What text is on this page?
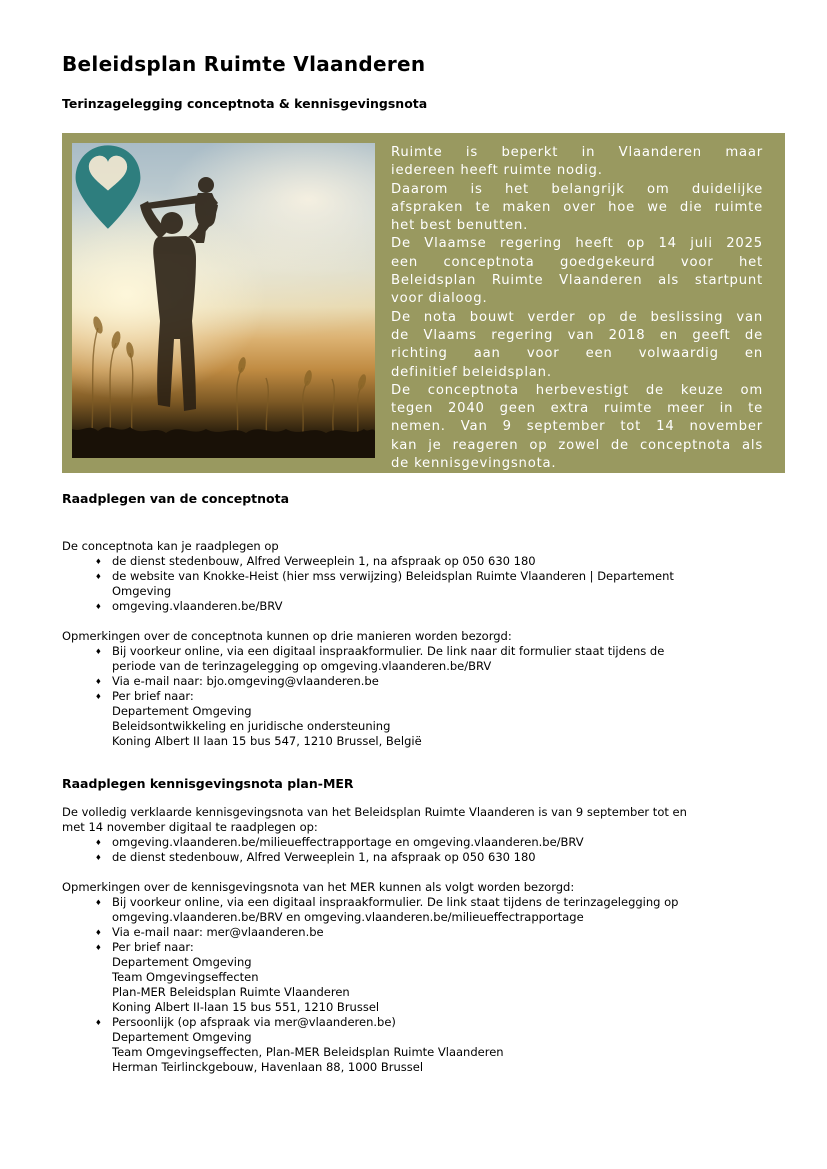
Beleidsplan Ruimte Vlaanderen
Terinzagelegging conceptnota & kennisgevingsnota
Ruimte is beperkt in Vlaanderen maar
iedereen heeft ruimte nodig.
Daarom is het belangrijk om duidelijke
afspraken te maken over hoe we die ruimte
het best benutten.
De Vlaamse regering heeft op 14 juli 2025
een conceptnota goedgekeurd voor het
Beleidsplan Ruimte Vlaanderen als startpunt
voor dialoog.
De nota bouwt verder op de beslissing van
de Vlaams regering van 2018 en geeft de
richting aan voor een volwaardig en
definitief beleidsplan.
De conceptnota herbevestigt de keuze om
tegen 2040 geen extra ruimte meer in te
nemen. Van 9 september tot 14 november
kan je reageren op zowel de conceptnota als
de kennisgevingsnota.
Raadplegen van de conceptnota

De conceptnota kan je raadplegen op

♦ de dienst stedenbouw, Alfred Verweeplein 1, na afspraak op 050 630 180
♦ de website van Knokke-Heist (hier mss verwijzing) Beleidsplan Ruimte Vlaanderen | Departement
Omgeving
♦ omgeving.vlaanderen.be/BRV

Opmerkingen over de conceptnota kunnen op drie manieren worden bezorgd:

♦ Bij voorkeur online, via een digitaal inspraakformulier. De link naar dit formulier staat tijdens de
periode van de terinzagelegging op omgeving.vlaanderen.be/BRV
♦ Via e-mail naar: bjo.omgeving@vlaanderen.be
♦ Per brief naar:
Departement Omgeving
Beleidsontwikkeling en juridische ondersteuning
Koning Albert II laan 15 bus 547, 1210 Brussel, België
Raadplegen kennisgevingsnota plan-MER

De volledig verklaarde kennisgevingsnota van het Beleidsplan Ruimte Vlaanderen is van 9 september tot en
met 14 november digitaal te raadplegen op:

♦ omgeving.vlaanderen.be/milieueffectrapportage en omgeving.vlaanderen.be/BRV
♦ de dienst stedenbouw, Alfred Verweeplein 1, na afspraak op 050 630 180

Opmerkingen over de kennisgevingsnota van het MER kunnen als volgt worden bezorgd:

♦ Bij voorkeur online, via een digitaal inspraakformulier. De link staat tijdens de terinzagelegging op
omgeving.vlaanderen.be/BRV en omgeving.vlaanderen.be/milieueffectrapportage
♦ Via e-mail naar: mer@vlaanderen.be
♦ Per brief naar:
Departement Omgeving
Team Omgevingseffecten
Plan-MER Beleidsplan Ruimte Vlaanderen
Koning Albert II-laan 15 bus 551, 1210 Brussel
♦ Persoonlijk (op afspraak via mer@vlaanderen.be)
Departement Omgeving
Team Omgevingseffecten, Plan-MER Beleidsplan Ruimte Vlaanderen
Herman Teirlinckgebouw, Havenlaan 88, 1000 Brussel
